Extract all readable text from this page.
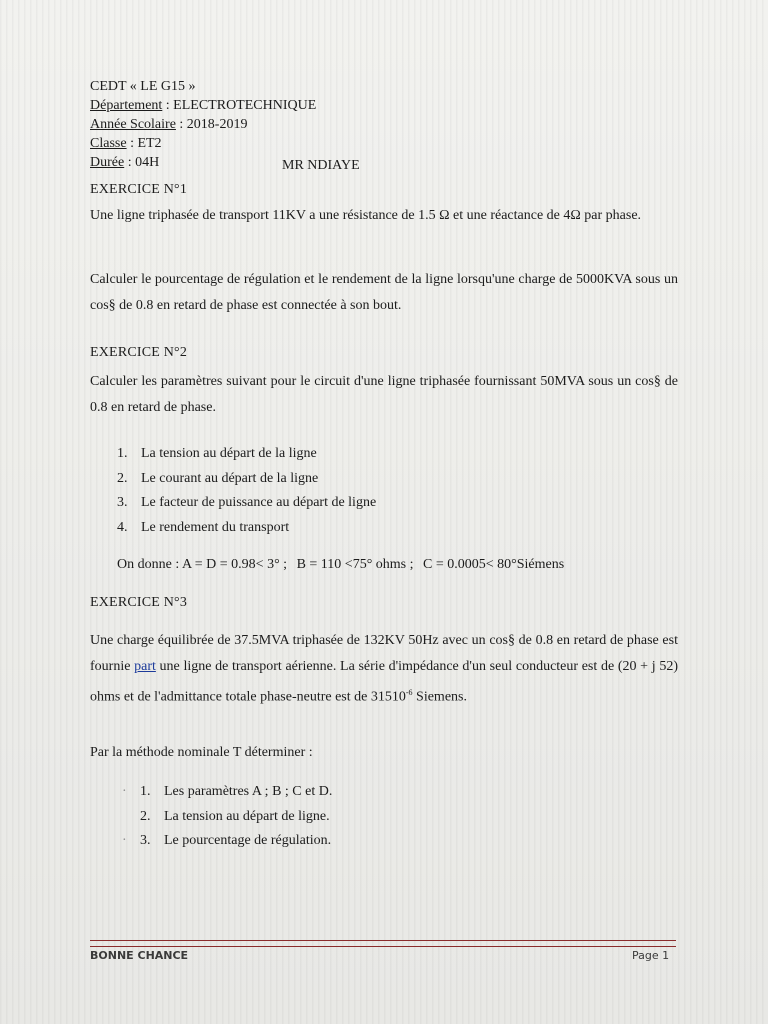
CEDT « LE G15 »
Département : ELECTROTECHNIQUE
Année Scolaire : 2018-2019
Classe : ET2
Durée : 04H	MR NDIAYE
EXERCICE N°1

Une ligne triphasée de transport 11KV a une résistance de 1.5 Ω et une réactance de 4Ω par phase.

Calculer le pourcentage de régulation et le rendement de la ligne lorsqu'une charge de 5000KVA sous un cos§ de 0.8 en retard de phase est connectée à son bout.

EXERCICE N°2

Calculer les paramètres suivant pour le circuit d'une ligne triphasée fournissant 50MVA sous un cos§ de 0.8 en retard de phase.

1. La tension au départ de la ligne
2. Le courant au départ de la ligne
3. Le facteur de puissance au départ de ligne
4. Le rendement du transport
On donne : A = D = 0.98< 3° ; B = 110 <75° ohms ; C = 0.0005< 80°Siémens
EXERCICE N°3

Une charge équilibrée de 37.5MVA triphasée de 132KV 50Hz avec un cos§ de 0.8 en retard de phase est fournie part une ligne de transport aérienne. La série d'impédance d'un seul conducteur est de (20 + j 52) ohms et de l'admittance totale phase-neutre est de $31510^{-6}$ Siemens.

Par la méthode nominale T déterminer :

· 1. Les paramètres A ; B ; C et D.
2. La tension au départ de ligne.
· 3. Le pourcentage de régulation.
BONNE CHANCE	Page 1
